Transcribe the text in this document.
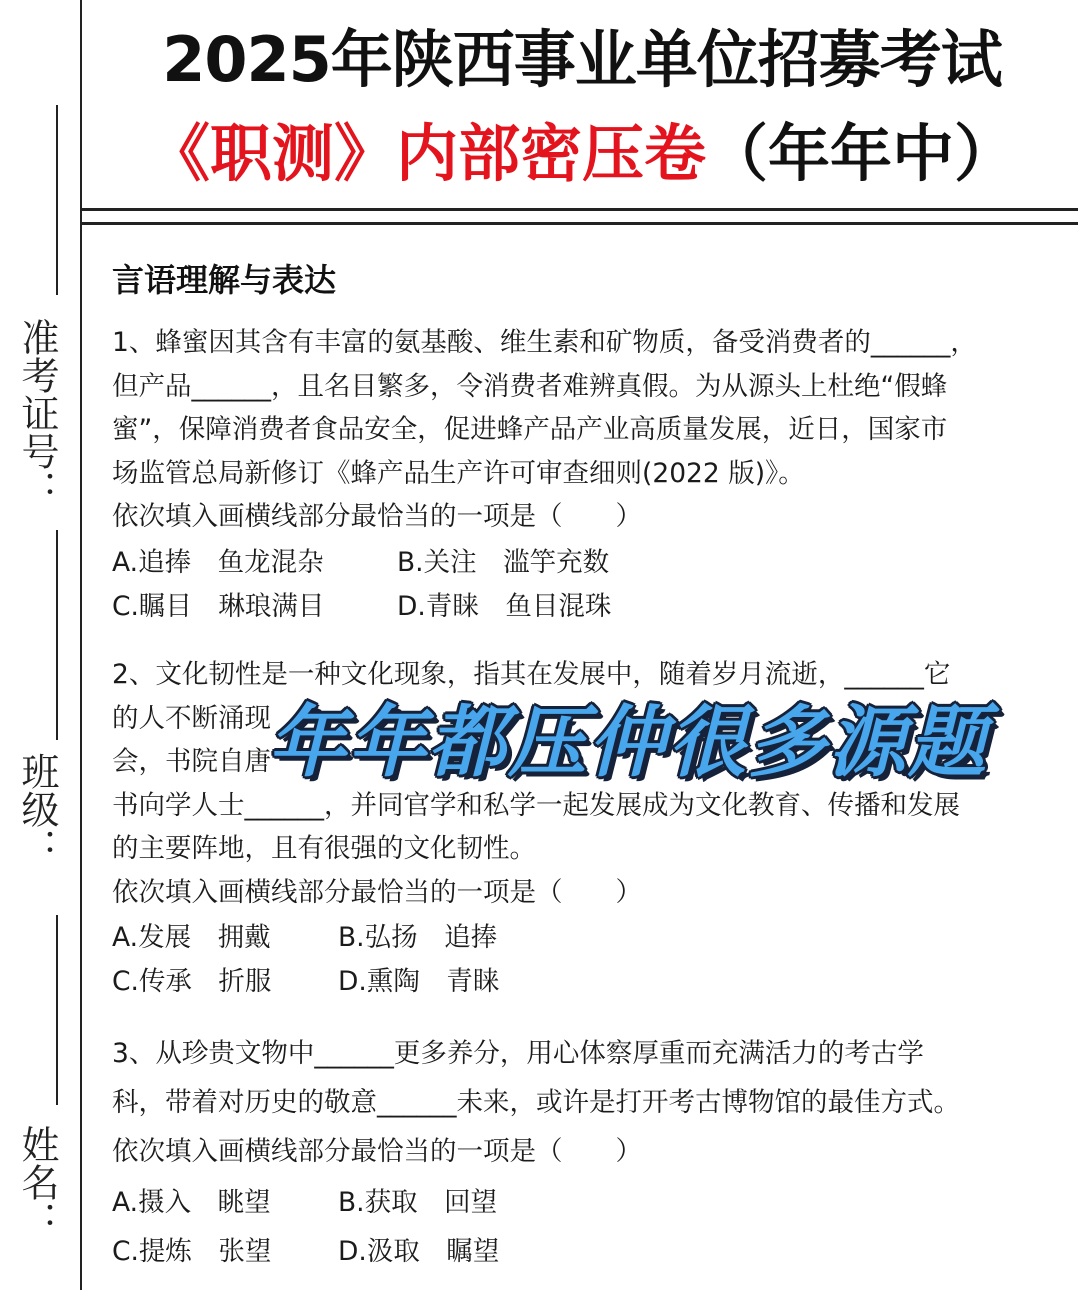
准考证号：
班级：
姓名：
2025年陕西事业单位招募考试
《职测》内部密压卷（年年中）
言语理解与表达
1、蜂蜜因其含有丰富的氨基酸、维生素和矿物质，备受消费者的______，
但产品______，且名目繁多，令消费者难辨真假。为从源头上杜绝“假蜂
蜜”，保障消费者食品安全，促进蜂产品产业高质量发展，近日，国家市
场监管总局新修订《蜂产品生产许可审查细则(2022 版)》。
依次填入画横线部分最恰当的一项是（　　）
A.追捧　鱼龙混杂	B.关注　滥竽充数
C.瞩目　琳琅满目	D.青睐　鱼目混珠
2、文化韧性是一种文化现象，指其在发展中，随着岁月流逝，______它
的人不断涌现
会，书院自唐
书向学人士______，并同官学和私学一起发展成为文化教育、传播和发展
的主要阵地，且有很强的文化韧性。
依次填入画横线部分最恰当的一项是（　　）
A.发展　拥戴	B.弘扬　追捧
C.传承　折服	D.熏陶　青睐
年年都压仲很多源题
3、从珍贵文物中______更多养分，用心体察厚重而充满活力的考古学
科，带着对历史的敬意______未来，或许是打开考古博物馆的最佳方式。
依次填入画横线部分最恰当的一项是（　　）
A.摄入　眺望	B.获取　回望
C.提炼　张望	D.汲取　瞩望
